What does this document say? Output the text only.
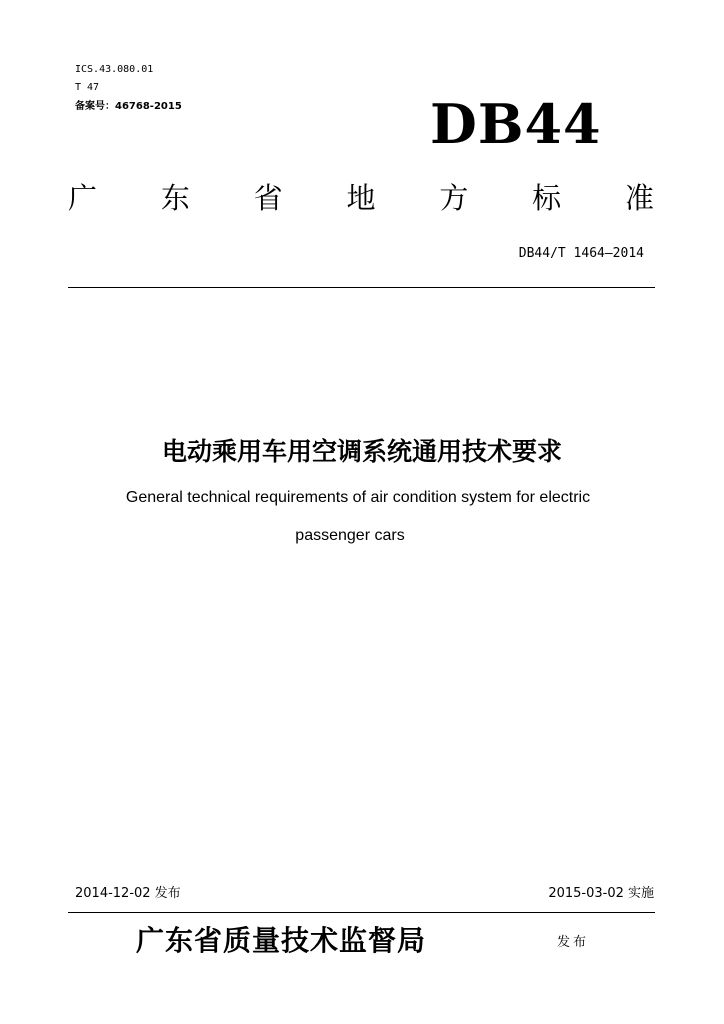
ICS.43.080.01
T 47
备案号：46768-2015	DB44
广 东 省 地 方 标 准
DB44/T 1464—2014
电动乘用车用空调系统通用技术要求
General technical requirements of air condition system for electric
passenger cars
2014-12-02 发布	2015-03-02 实施
广东省质量技术监督局	发布
